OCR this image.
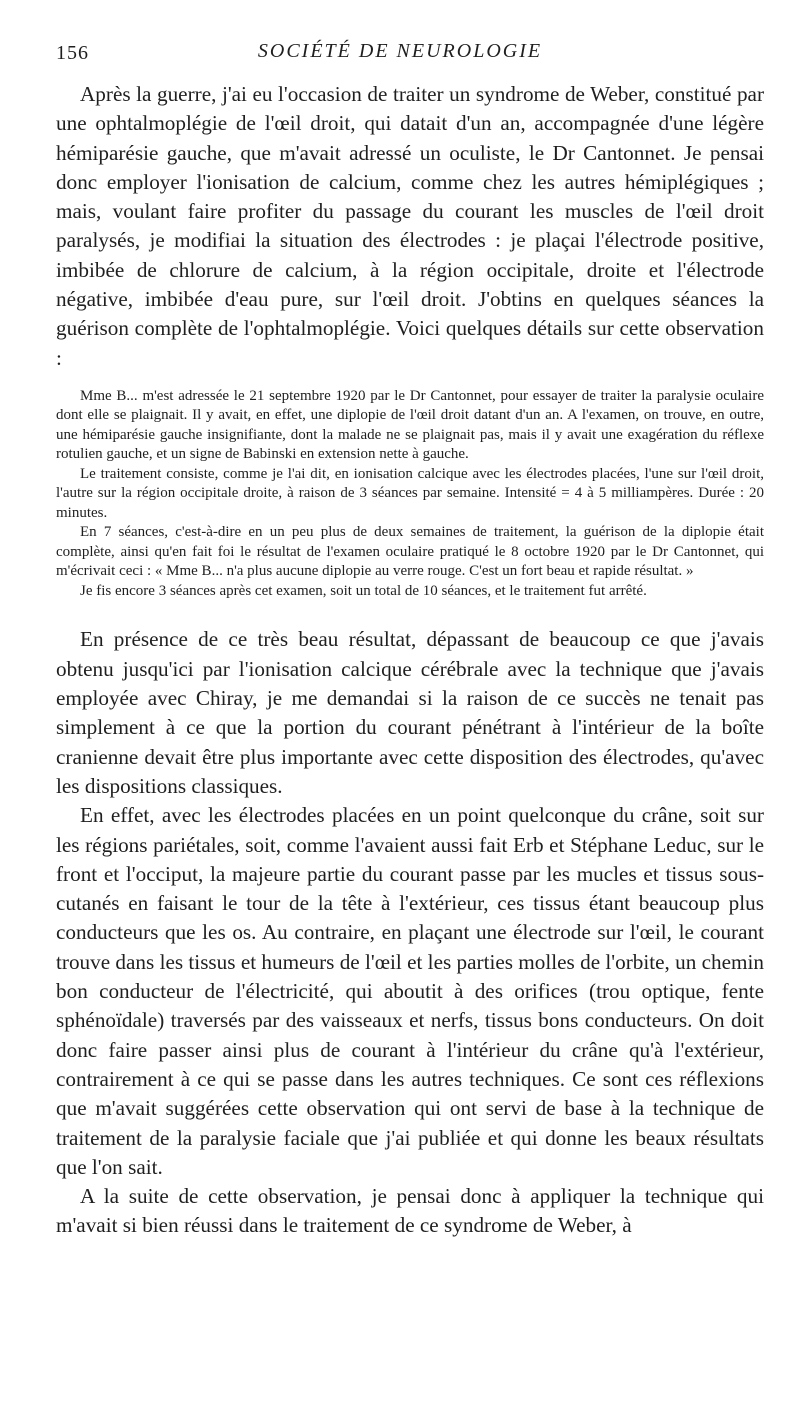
156	SOCIÉTÉ DE NEUROLOGIE

Après la guerre, j'ai eu l'occasion de traiter un syndrome de Weber, constitué par une ophtalmoplégie de l'œil droit, qui datait d'un an, accompagnée d'une légère hémiparésie gauche, que m'avait adressé un oculiste, le Dr Cantonnet. Je pensai donc employer l'ionisation de calcium, comme chez les autres hémiplégiques ; mais, voulant faire profiter du passage du courant les muscles de l'œil droit paralysés, je modifiai la situation des électrodes : je plaçai l'électrode positive, imbibée de chlorure de calcium, à la région occipitale, droite et l'électrode négative, imbibée d'eau pure, sur l'œil droit. J'obtins en quelques séances la guérison complète de l'ophtalmoplégie. Voici quelques détails sur cette observation :

Mme B... m'est adressée le 21 septembre 1920 par le Dr Cantonnet, pour essayer de traiter la paralysie oculaire dont elle se plaignait. Il y avait, en effet, une diplopie de l'œil droit datant d'un an. A l'examen, on trouve, en outre, une hémiparésie gauche insignifiante, dont la malade ne se plaignait pas, mais il y avait une exagération du réflexe rotulien gauche, et un signe de Babinski en extension nette à gauche.

Le traitement consiste, comme je l'ai dit, en ionisation calcique avec les électrodes placées, l'une sur l'œil droit, l'autre sur la région occipitale droite, à raison de 3 séances par semaine. Intensité = 4 à 5 milliampères. Durée : 20 minutes.

En 7 séances, c'est-à-dire en un peu plus de deux semaines de traitement, la guérison de la diplopie était complète, ainsi qu'en fait foi le résultat de l'examen oculaire pratiqué le 8 octobre 1920 par le Dr Cantonnet, qui m'écrivait ceci : « Mme B... n'a plus aucune diplopie au verre rouge. C'est un fort beau et rapide résultat. »

Je fis encore 3 séances après cet examen, soit un total de 10 séances, et le traitement fut arrêté.

En présence de ce très beau résultat, dépassant de beaucoup ce que j'avais obtenu jusqu'ici par l'ionisation calcique cérébrale avec la technique que j'avais employée avec Chiray, je me demandai si la raison de ce succès ne tenait pas simplement à ce que la portion du courant pénétrant à l'intérieur de la boîte cranienne devait être plus importante avec cette disposition des électrodes, qu'avec les dispositions classiques.

En effet, avec les électrodes placées en un point quelconque du crâne, soit sur les régions pariétales, soit, comme l'avaient aussi fait Erb et Stéphane Leduc, sur le front et l'occiput, la majeure partie du courant passe par les mucles et tissus sous-cutanés en faisant le tour de la tête à l'extérieur, ces tissus étant beaucoup plus conducteurs que les os. Au contraire, en plaçant une électrode sur l'œil, le courant trouve dans les tissus et humeurs de l'œil et les parties molles de l'orbite, un chemin bon conducteur de l'électricité, qui aboutit à des orifices (trou optique, fente sphénoïdale) traversés par des vaisseaux et nerfs, tissus bons conducteurs. On doit donc faire passer ainsi plus de courant à l'intérieur du crâne qu'à l'extérieur, contrairement à ce qui se passe dans les autres techniques. Ce sont ces réflexions que m'avait suggérées cette observation qui ont servi de base à la technique de traitement de la paralysie faciale que j'ai publiée et qui donne les beaux résultats que l'on sait.

A la suite de cette observation, je pensai donc à appliquer la technique qui m'avait si bien réussi dans le traitement de ce syndrome de Weber, à
